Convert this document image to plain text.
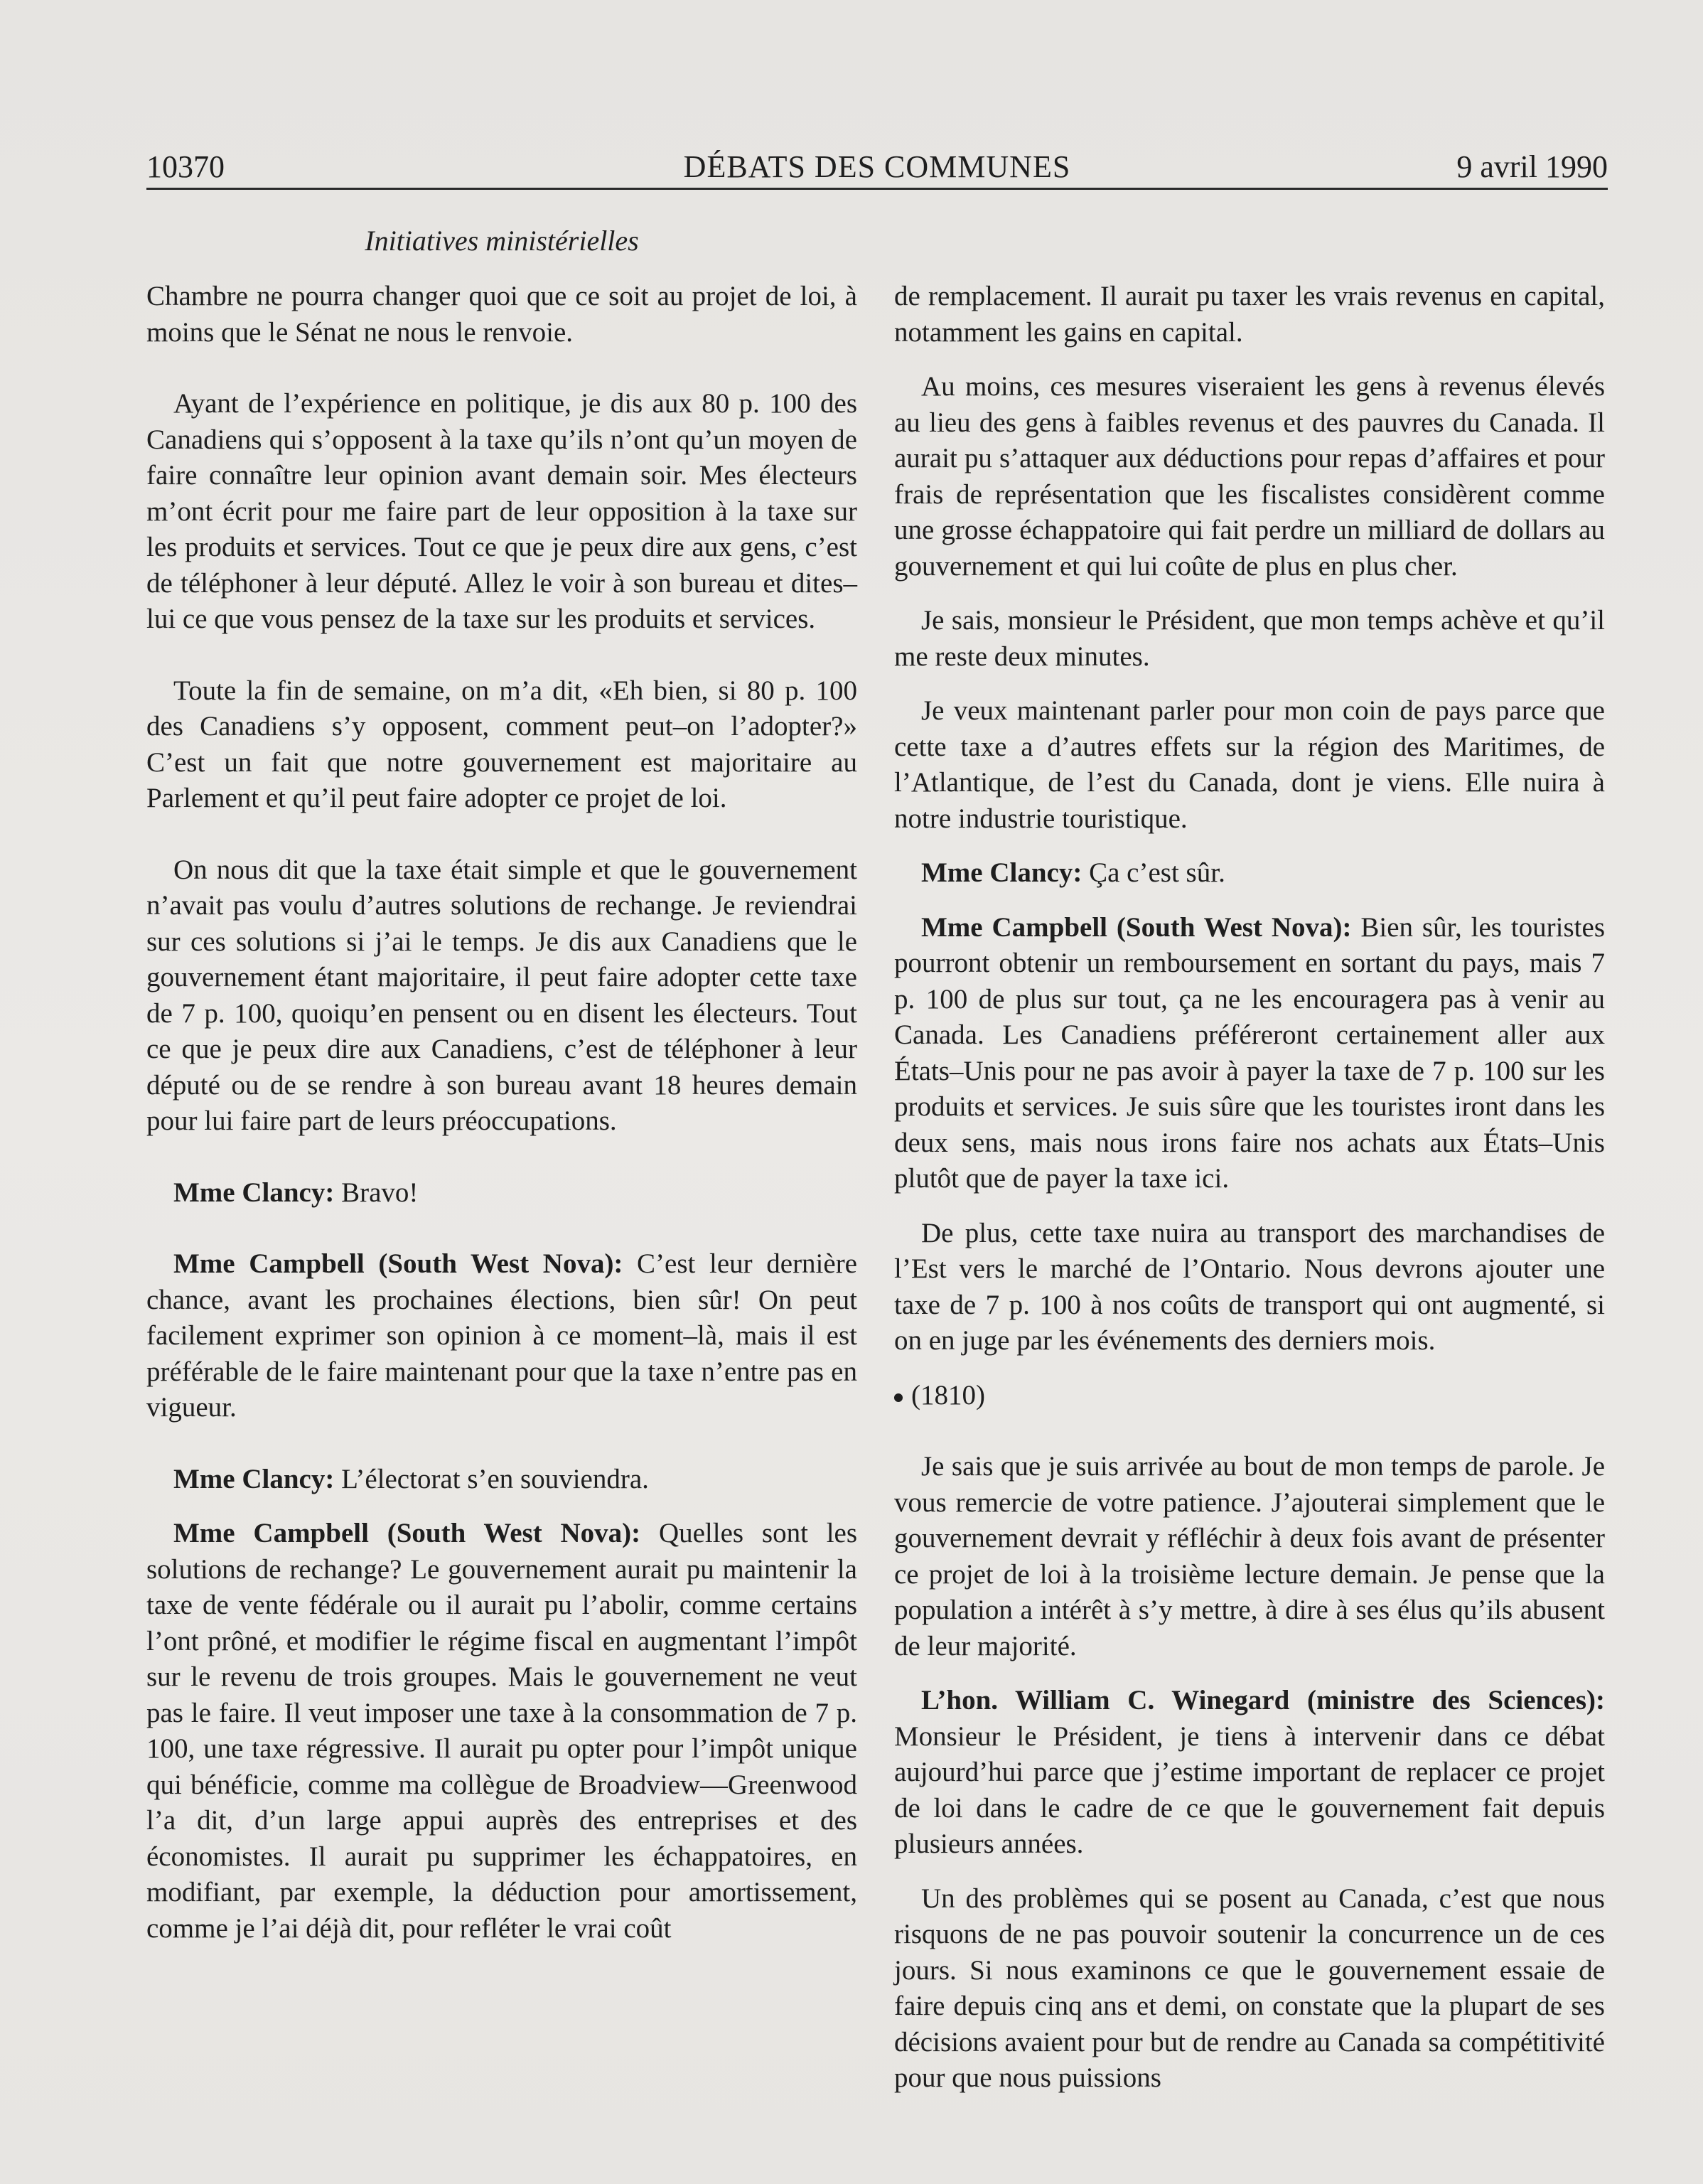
10370	DÉBATS DES COMMUNES	9 avril 1990
Initiatives ministérielles

Chambre ne pourra changer quoi que ce soit au projet de loi, à moins que le Sénat ne nous le renvoie.

Ayant de l’expérience en politique, je dis aux 80 p. 100 des Canadiens qui s’opposent à la taxe qu’ils n’ont qu’un moyen de faire connaître leur opinion avant demain soir. Mes électeurs m’ont écrit pour me faire part de leur opposition à la taxe sur les produits et services. Tout ce que je peux dire aux gens, c’est de téléphoner à leur député. Allez le voir à son bureau et dites–lui ce que vous pensez de la taxe sur les produits et services.

Toute la fin de semaine, on m’a dit, «Eh bien, si 80 p. 100 des Canadiens s’y opposent, comment peut–on l’adopter?» C’est un fait que notre gouvernement est majoritaire au Parlement et qu’il peut faire adopter ce projet de loi.

On nous dit que la taxe était simple et que le gouvernement n’avait pas voulu d’autres solutions de rechange. Je reviendrai sur ces solutions si j’ai le temps. Je dis aux Canadiens que le gouvernement étant majoritaire, il peut faire adopter cette taxe de 7 p. 100, quoiqu’en pensent ou en disent les électeurs. Tout ce que je peux dire aux Canadiens, c’est de téléphoner à leur député ou de se rendre à son bureau avant 18 heures demain pour lui faire part de leurs préoccupations.

Mme Clancy: Bravo!

Mme Campbell (South West Nova): C’est leur dernière chance, avant les prochaines élections, bien sûr! On peut facilement exprimer son opinion à ce moment–là, mais il est préférable de le faire maintenant pour que la taxe n’entre pas en vigueur.

Mme Clancy: L’électorat s’en souviendra.

Mme Campbell (South West Nova): Quelles sont les solutions de rechange? Le gouvernement aurait pu maintenir la taxe de vente fédérale ou il aurait pu l’abolir, comme certains l’ont prôné, et modifier le régime fiscal en augmentant l’impôt sur le revenu de trois groupes. Mais le gouvernement ne veut pas le faire. Il veut imposer une taxe à la consommation de 7 p. 100, une taxe régressive. Il aurait pu opter pour l’impôt unique qui bénéficie, comme ma collègue de Broadview—Greenwood l’a dit, d’un large appui auprès des entreprises et des économistes. Il aurait pu supprimer les échappatoires, en modifiant, par exemple, la déduction pour amortissement, comme je l’ai déjà dit, pour refléter le vrai coût

de remplacement. Il aurait pu taxer les vrais revenus en capital, notamment les gains en capital.

Au moins, ces mesures viseraient les gens à revenus élevés au lieu des gens à faibles revenus et des pauvres du Canada. Il aurait pu s’attaquer aux déductions pour repas d’affaires et pour frais de représentation que les fiscalistes considèrent comme une grosse échappatoire qui fait perdre un milliard de dollars au gouvernement et qui lui coûte de plus en plus cher.

Je sais, monsieur le Président, que mon temps achève et qu’il me reste deux minutes.

Je veux maintenant parler pour mon coin de pays parce que cette taxe a d’autres effets sur la région des Maritimes, de l’Atlantique, de l’est du Canada, dont je viens. Elle nuira à notre industrie touristique.

Mme Clancy: Ça c’est sûr.

Mme Campbell (South West Nova): Bien sûr, les touristes pourront obtenir un remboursement en sortant du pays, mais 7 p. 100 de plus sur tout, ça ne les encouragera pas à venir au Canada. Les Canadiens préféreront certainement aller aux États–Unis pour ne pas avoir à payer la taxe de 7 p. 100 sur les produits et services. Je suis sûre que les touristes iront dans les deux sens, mais nous irons faire nos achats aux États–Unis plutôt que de payer la taxe ici.

De plus, cette taxe nuira au transport des marchandises de l’Est vers le marché de l’Ontario. Nous devrons ajouter une taxe de 7 p. 100 à nos coûts de transport qui ont augmenté, si on en juge par les événements des derniers mois.

(1810)

Je sais que je suis arrivée au bout de mon temps de parole. Je vous remercie de votre patience. J’ajouterai simplement que le gouvernement devrait y réfléchir à deux fois avant de présenter ce projet de loi à la troisième lecture demain. Je pense que la population a intérêt à s’y mettre, à dire à ses élus qu’ils abusent de leur majorité.

L’hon. William C. Winegard (ministre des Sciences): Monsieur le Président, je tiens à intervenir dans ce débat aujourd’hui parce que j’estime important de replacer ce projet de loi dans le cadre de ce que le gouvernement fait depuis plusieurs années.

Un des problèmes qui se posent au Canada, c’est que nous risquons de ne pas pouvoir soutenir la concurrence un de ces jours. Si nous examinons ce que le gouvernement essaie de faire depuis cinq ans et demi, on constate que la plupart de ses décisions avaient pour but de rendre au Canada sa compétitivité pour que nous puissions
